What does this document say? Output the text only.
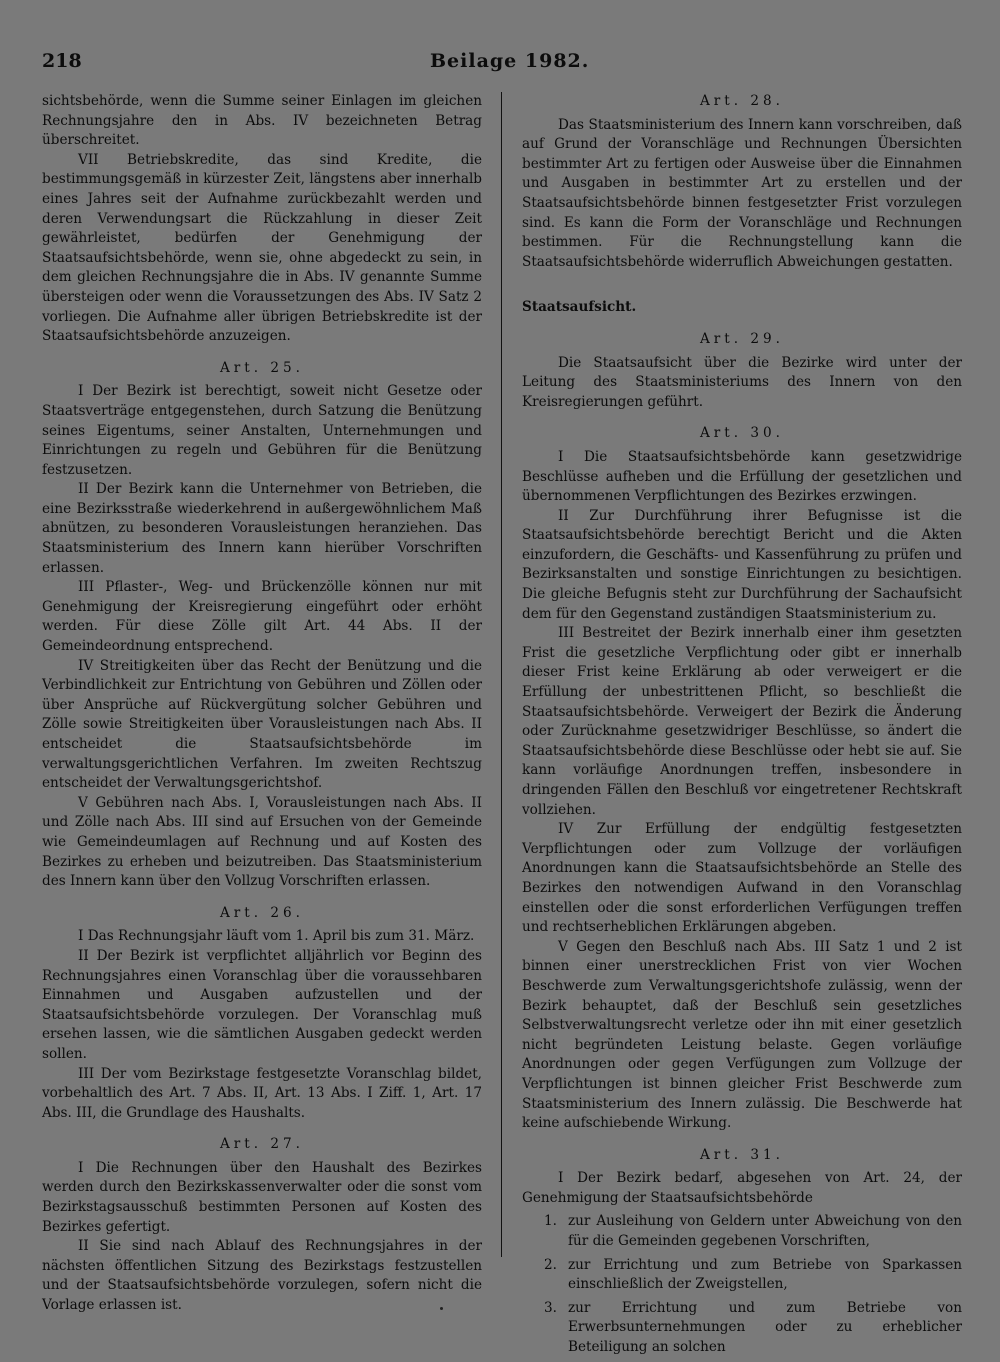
218	Beilage 1982.

sichtsbehörde, wenn die Summe seiner Einlagen im gleichen Rechnungsjahre den in Abs. IV bezeichneten Betrag überschreitet.

VII Betriebskredite, das sind Kredite, die bestimmungsgemäß in kürzester Zeit, längstens aber innerhalb eines Jahres seit der Aufnahme zurückbezahlt werden und deren Verwendungsart die Rückzahlung in dieser Zeit gewährleistet, bedürfen der Genehmigung der Staatsaufsichtsbehörde, wenn sie, ohne abgedeckt zu sein, in dem gleichen Rechnungsjahre die in Abs. IV genannte Summe übersteigen oder wenn die Voraussetzungen des Abs. IV Satz 2 vorliegen. Die Aufnahme aller übrigen Betriebskredite ist der Staatsaufsichtsbehörde anzuzeigen.

Art. 25.

I Der Bezirk ist berechtigt, soweit nicht Gesetze oder Staatsverträge entgegenstehen, durch Satzung die Benützung seines Eigentums, seiner Anstalten, Unternehmungen und Einrichtungen zu regeln und Gebühren für die Benützung festzusetzen.

II Der Bezirk kann die Unternehmer von Betrieben, die eine Bezirksstraße wiederkehrend in außergewöhnlichem Maß abnützen, zu besonderen Vorausleistungen heranziehen. Das Staatsministerium des Innern kann hierüber Vorschriften erlassen.

III Pflaster-, Weg- und Brückenzölle können nur mit Genehmigung der Kreisregierung eingeführt oder erhöht werden. Für diese Zölle gilt Art. 44 Abs. II der Gemeindeordnung entsprechend.

IV Streitigkeiten über das Recht der Benützung und die Verbindlichkeit zur Entrichtung von Gebühren und Zöllen oder über Ansprüche auf Rückvergütung solcher Gebühren und Zölle sowie Streitigkeiten über Vorausleistungen nach Abs. II entscheidet die Staatsaufsichtsbehörde im verwaltungsgerichtlichen Verfahren. Im zweiten Rechtszug entscheidet der Verwaltungsgerichtshof.

V Gebühren nach Abs. I, Vorausleistungen nach Abs. II und Zölle nach Abs. III sind auf Ersuchen von der Gemeinde wie Gemeindeumlagen auf Rechnung und auf Kosten des Bezirkes zu erheben und beizutreiben. Das Staatsministerium des Innern kann über den Vollzug Vorschriften erlassen.

Art. 26.

I Das Rechnungsjahr läuft vom 1. April bis zum 31. März.

II Der Bezirk ist verpflichtet alljährlich vor Beginn des Rechnungsjahres einen Voranschlag über die voraussehbaren Einnahmen und Ausgaben aufzustellen und der Staatsaufsichtsbehörde vorzulegen. Der Voranschlag muß ersehen lassen, wie die sämtlichen Ausgaben gedeckt werden sollen.

III Der vom Bezirkstage festgesetzte Voranschlag bildet, vorbehaltlich des Art. 7 Abs. II, Art. 13 Abs. I Ziff. 1, Art. 17 Abs. III, die Grundlage des Haushalts.

Art. 27.

I Die Rechnungen über den Haushalt des Bezirkes werden durch den Bezirkskassenverwalter oder die sonst vom Bezirkstagsausschuß bestimmten Personen auf Kosten des Bezirkes gefertigt.

II Sie sind nach Ablauf des Rechnungsjahres in der nächsten öffentlichen Sitzung des Bezirkstags festzustellen und der Staatsaufsichtsbehörde vorzulegen, sofern nicht die Vorlage erlassen ist.

Art. 28.

Das Staatsministerium des Innern kann vorschreiben, daß auf Grund der Voranschläge und Rechnungen Übersichten bestimmter Art zu fertigen oder Ausweise über die Einnahmen und Ausgaben in bestimmter Art zu erstellen und der Staatsaufsichtsbehörde binnen festgesetzter Frist vorzulegen sind. Es kann die Form der Voranschläge und Rechnungen bestimmen. Für die Rechnungstellung kann die Staatsaufsichtsbehörde widerruflich Abweichungen gestatten.

Staatsaufsicht.
Art. 29.

Die Staatsaufsicht über die Bezirke wird unter der Leitung des Staatsministeriums des Innern von den Kreisregierungen geführt.

Art. 30.

I Die Staatsaufsichtsbehörde kann gesetzwidrige Beschlüsse aufheben und die Erfüllung der gesetzlichen und übernommenen Verpflichtungen des Bezirkes erzwingen.

II Zur Durchführung ihrer Befugnisse ist die Staatsaufsichtsbehörde berechtigt Bericht und die Akten einzufordern, die Geschäfts- und Kassenführung zu prüfen und Bezirksanstalten und sonstige Einrichtungen zu besichtigen. Die gleiche Befugnis steht zur Durchführung der Sachaufsicht dem für den Gegenstand zuständigen Staatsministerium zu.

III Bestreitet der Bezirk innerhalb einer ihm gesetzten Frist die gesetzliche Verpflichtung oder gibt er innerhalb dieser Frist keine Erklärung ab oder verweigert er die Erfüllung der unbestrittenen Pflicht, so beschließt die Staatsaufsichtsbehörde. Verweigert der Bezirk die Änderung oder Zurücknahme gesetzwidriger Beschlüsse, so ändert die Staatsaufsichtsbehörde diese Beschlüsse oder hebt sie auf. Sie kann vorläufige Anordnungen treffen, insbesondere in dringenden Fällen den Beschluß vor eingetretener Rechtskraft vollziehen.

IV Zur Erfüllung der endgültig festgesetzten Verpflichtungen oder zum Vollzuge der vorläufigen Anordnungen kann die Staatsaufsichtsbehörde an Stelle des Bezirkes den notwendigen Aufwand in den Voranschlag einstellen oder die sonst erforderlichen Verfügungen treffen und rechtserheblichen Erklärungen abgeben.

V Gegen den Beschluß nach Abs. III Satz 1 und 2 ist binnen einer unerstrecklichen Frist von vier Wochen Beschwerde zum Verwaltungsgerichtshofe zulässig, wenn der Bezirk behauptet, daß der Beschluß sein gesetzliches Selbstverwaltungsrecht verletze oder ihn mit einer gesetzlich nicht begründeten Leistung belaste. Gegen vorläufige Anordnungen oder gegen Verfügungen zum Vollzuge der Verpflichtungen ist binnen gleicher Frist Beschwerde zum Staatsministerium des Innern zulässig. Die Beschwerde hat keine aufschiebende Wirkung.

Art. 31.

I Der Bezirk bedarf, abgesehen von Art. 24, der Genehmigung der Staatsaufsichtsbehörde

1. zur Ausleihung von Geldern unter Abweichung von den für die Gemeinden gegebenen Vorschriften,
2. zur Errichtung und zum Betriebe von Sparkassen einschließlich der Zweigstellen,
3. zur Errichtung und zum Betriebe von Erwerbsunternehmungen oder zu erheblicher Beteiligung an solchen
